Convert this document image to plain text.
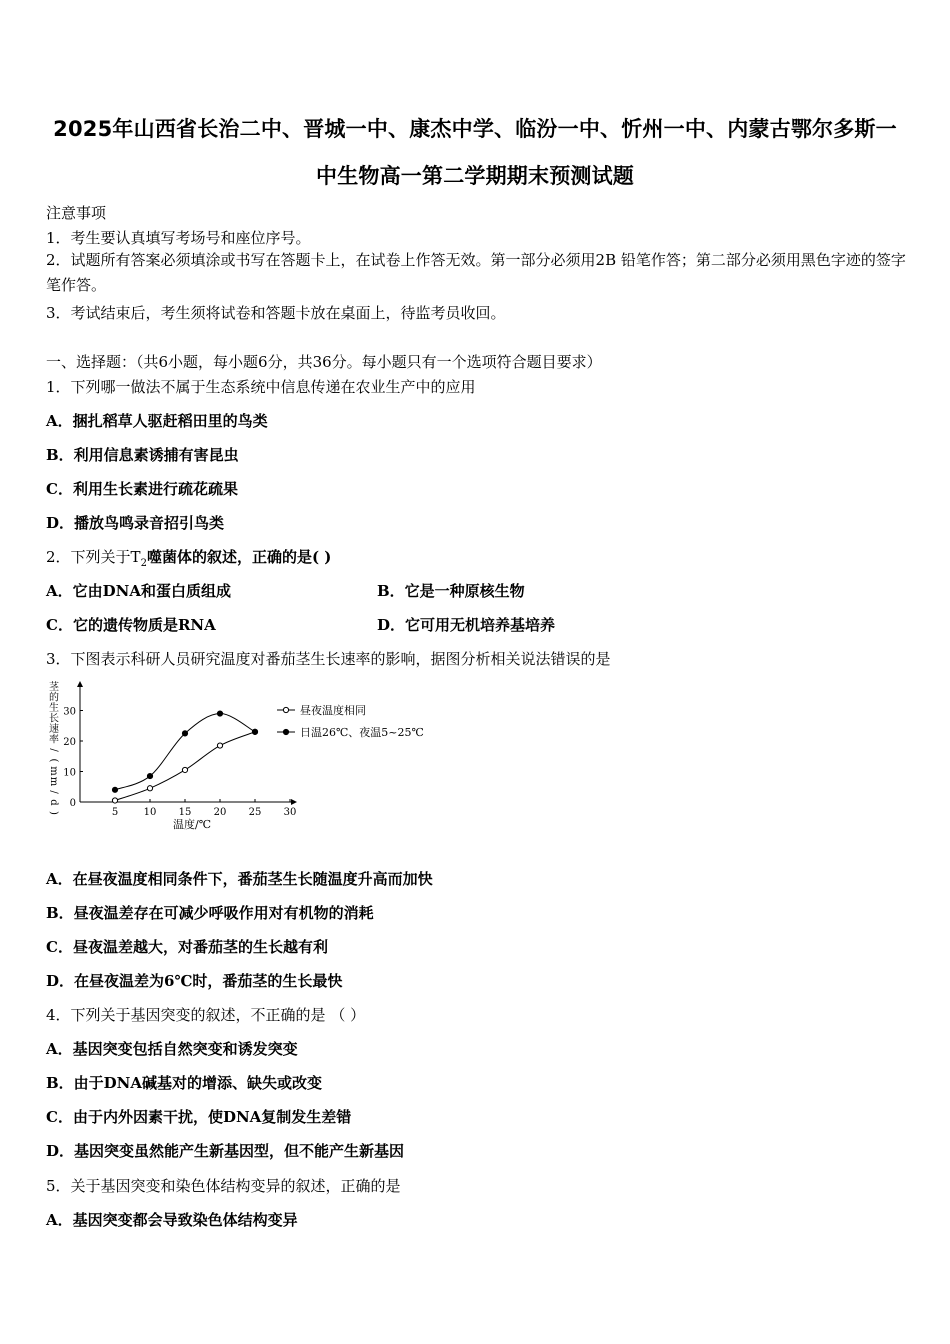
2025年山西省长治二中、晋城一中、康杰中学、临汾一中、忻州一中、内蒙古鄂尔多斯一
中生物高一第二学期期末预测试题
注意事项
1．考生要认真填写考场号和座位序号。
2．试题所有答案必须填涂或书写在答题卡上，在试卷上作答无效。第一部分必须用2B 铅笔作答；第二部分必须用黑色字迹的签字笔作答。
3．考试结束后，考生须将试卷和答题卡放在桌面上，待监考员收回。
一、选择题：（共6小题，每小题6分，共36分。每小题只有一个选项符合题目要求）
1．下列哪一做法不属于生态系统中信息传递在农业生产中的应用
A．捆扎稻草人驱赶稻田里的鸟类
B．利用信息素诱捕有害昆虫
C．利用生长素进行疏花疏果
D．播放鸟鸣录音招引鸟类
2．下列关于$T_2$噬菌体的叙述，正确的是( )
A．它由DNA和蛋白质组成	B．它是一种原核生物
C．它的遗传物质是RNA	D．它可用无机培养基培养
3．下图表示科研人员研究温度对番茄茎生长速率的影响，据图分析相关说法错误的是
茎
的
生
长
速
率
/
(
m
m
/
d
)
温度/℃
5	10 15 20 25 30
0
10
20
30	昼夜温度相同
日温26℃、夜温5~25℃
A．在昼夜温度相同条件下，番茄茎生长随温度升高而加快
B．昼夜温差存在可减少呼吸作用对有机物的消耗
C．昼夜温差越大，对番茄茎的生长越有利
D．在昼夜温差为6℃时，番茄茎的生长最快
4．下列关于基因突变的叙述，不正确的是 （ ）
A．基因突变包括自然突变和诱发突变
B．由于DNA碱基对的增添、缺失或改变
C．由于内外因素干扰，使DNA复制发生差错
D．基因突变虽然能产生新基因型，但不能产生新基因
5．关于基因突变和染色体结构变异的叙述，正确的是
A．基因突变都会导致染色体结构变异
